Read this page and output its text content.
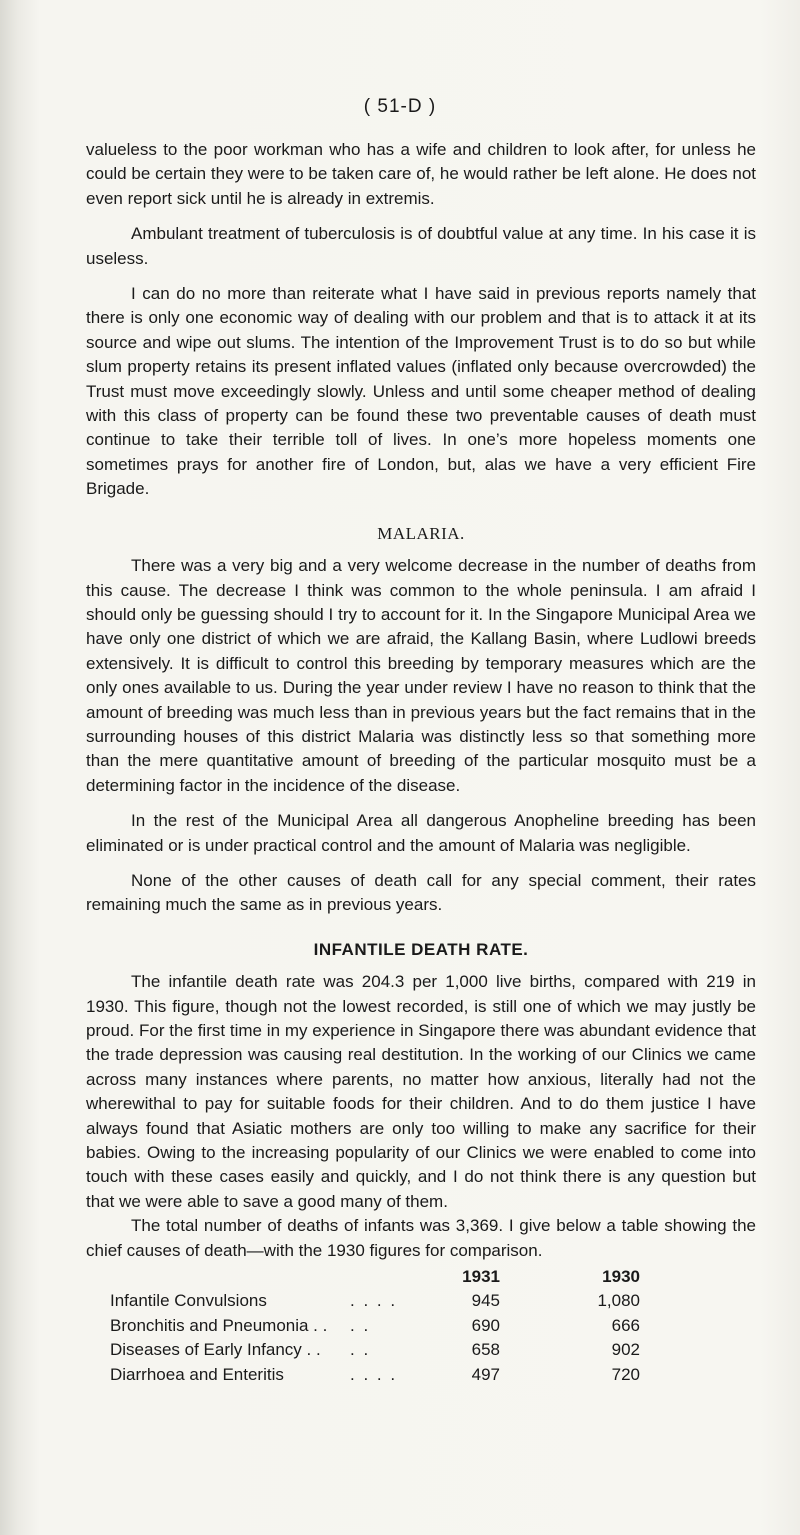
( 51-D )

valueless to the poor workman who has a wife and children to look after, for unless he could be certain they were to be taken care of, he would rather be left alone. He does not even report sick until he is already in extremis.

Ambulant treatment of tuberculosis is of doubtful value at any time. In his case it is useless.

I can do no more than reiterate what I have said in previous reports namely that there is only one economic way of dealing with our problem and that is to attack it at its source and wipe out slums. The intention of the Improvement Trust is to do so but while slum property retains its present inflated values (inflated only because overcrowded) the Trust must move exceedingly slowly. Unless and until some cheaper method of dealing with this class of property can be found these two preventable causes of death must continue to take their terrible toll of lives. In one’s more hopeless moments one sometimes prays for another fire of London, but, alas we have a very efficient Fire Brigade.

MALARIA.

There was a very big and a very welcome decrease in the number of deaths from this cause. The decrease I think was common to the whole peninsula. I am afraid I should only be guessing should I try to account for it. In the Singapore Municipal Area we have only one district of which we are afraid, the Kallang Basin, where Ludlowi breeds extensively. It is difficult to control this breeding by temporary measures which are the only ones available to us. During the year under review I have no reason to think that the amount of breeding was much less than in previous years but the fact remains that in the surrounding houses of this district Malaria was distinctly less so that something more than the mere quantitative amount of breeding of the particular mosquito must be a determining factor in the incidence of the disease.

In the rest of the Municipal Area all dangerous Anopheline breeding has been eliminated or is under practical control and the amount of Malaria was negligible.

None of the other causes of death call for any special comment, their rates remaining much the same as in previous years.

INFANTILE DEATH RATE.

The infantile death rate was 204.3 per 1,000 live births, compared with 219 in 1930. This figure, though not the lowest recorded, is still one of which we may justly be proud. For the first time in my experience in Singapore there was abundant evidence that the trade depression was causing real destitution. In the working of our Clinics we came across many instances where parents, no matter how anxious, literally had not the wherewithal to pay for suitable foods for their children. And to do them justice I have always found that Asiatic mothers are only too willing to make any sacrifice for their babies. Owing to the increasing popularity of our Clinics we were enabled to come into touch with these cases easily and quickly, and I do not think there is any question but that we were able to save a good many of them.

The total number of deaths of infants was 3,369. I give below a table showing the chief causes of death—with the 1930 figures for comparison.

		1931	1930
Infantile Convulsions	. . . .	945	1,080
Bronchitis and Pneumonia . .	. .	690	666
Diseases of Early Infancy . .	. .	658	902
Diarrhoea and Enteritis	. . . .	497	720
